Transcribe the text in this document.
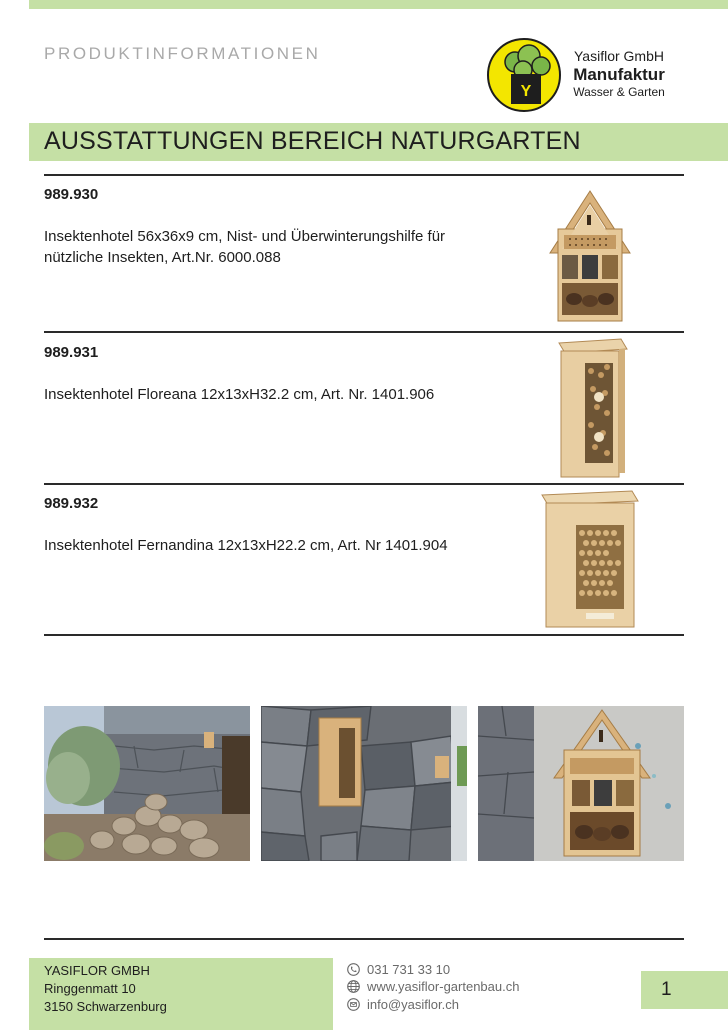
PRODUKTINFORMATIONEN
Y
Yasiflor GmbH
Manufaktur
Wasser & Garten
AUSSTATTUNGEN BEREICH NATURGARTEN
989.930
Insektenhotel 56x36x9 cm, Nist- und Überwinterungshilfe für nützliche Insekten, Art.Nr. 6000.088
989.931
Insektenhotel Floreana 12x13xH32.2 cm, Art. Nr. 1401.906
989.932
Insektenhotel Fernandina 12x13xH22.2 cm, Art. Nr 1401.904
YASIFLOR GMBH
Ringgenmatt 10
3150 Schwarzenburg
031 731 33 10
www.yasiflor-gartenbau.ch
info@yasiflor.ch
1
